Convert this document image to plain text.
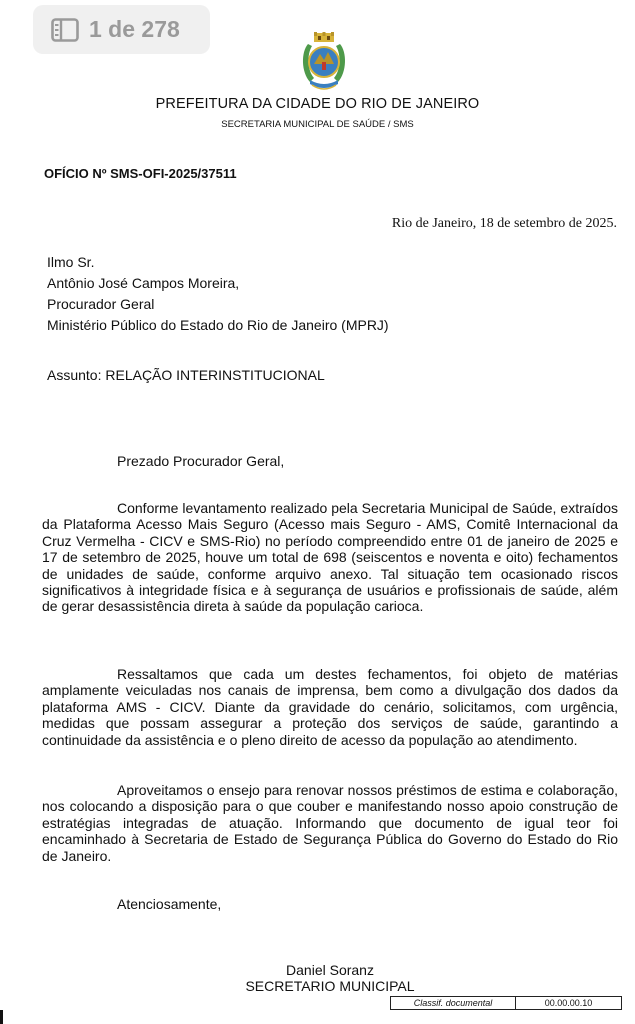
1 de 278
PREFEITURA DA CIDADE DO RIO DE JANEIRO
SECRETARIA MUNICIPAL DE SAÚDE / SMS
OFÍCIO Nº SMS-OFI-2025/37511
Rio de Janeiro, 18 de setembro de 2025.
Ilmo Sr.
Antônio José Campos Moreira,
Procurador Geral
Ministério Público do Estado do Rio de Janeiro (MPRJ)
Assunto: RELAÇÃO INTERINSTITUCIONAL
Prezado Procurador Geral,

Conforme levantamento realizado pela Secretaria Municipal de Saúde, extraídos da Plataforma Acesso Mais Seguro (Acesso mais Seguro - AMS, Comitê Internacional da Cruz Vermelha - CICV e SMS-Rio) no período compreendido entre 01 de janeiro de 2025 e 17 de setembro de 2025, houve um total de 698 (seiscentos e noventa e oito) fechamentos de unidades de saúde, conforme arquivo anexo. Tal situação tem ocasionado riscos significativos à integridade física e à segurança de usuários e profissionais de saúde, além de gerar desassistência direta à saúde da população carioca.

Ressaltamos que cada um destes fechamentos, foi objeto de matérias amplamente veiculadas nos canais de imprensa, bem como a divulgação dos dados da plataforma AMS - CICV. Diante da gravidade do cenário, solicitamos, com urgência, medidas que possam assegurar a proteção dos serviços de saúde, garantindo a continuidade da assistência e o pleno direito de acesso da população ao atendimento.

Aproveitamos o ensejo para renovar nossos préstimos de estima e colaboração, nos colocando a disposição para o que couber e manifestando nosso apoio construção de estratégias integradas de atuação. Informando que documento de igual teor foi encaminhado à Secretaria de Estado de Segurança Pública do Governo do Estado do Rio de Janeiro.

Atenciosamente,
Daniel Soranz
SECRETARIO MUNICIPAL
Classif. documental	00.00.00.10
